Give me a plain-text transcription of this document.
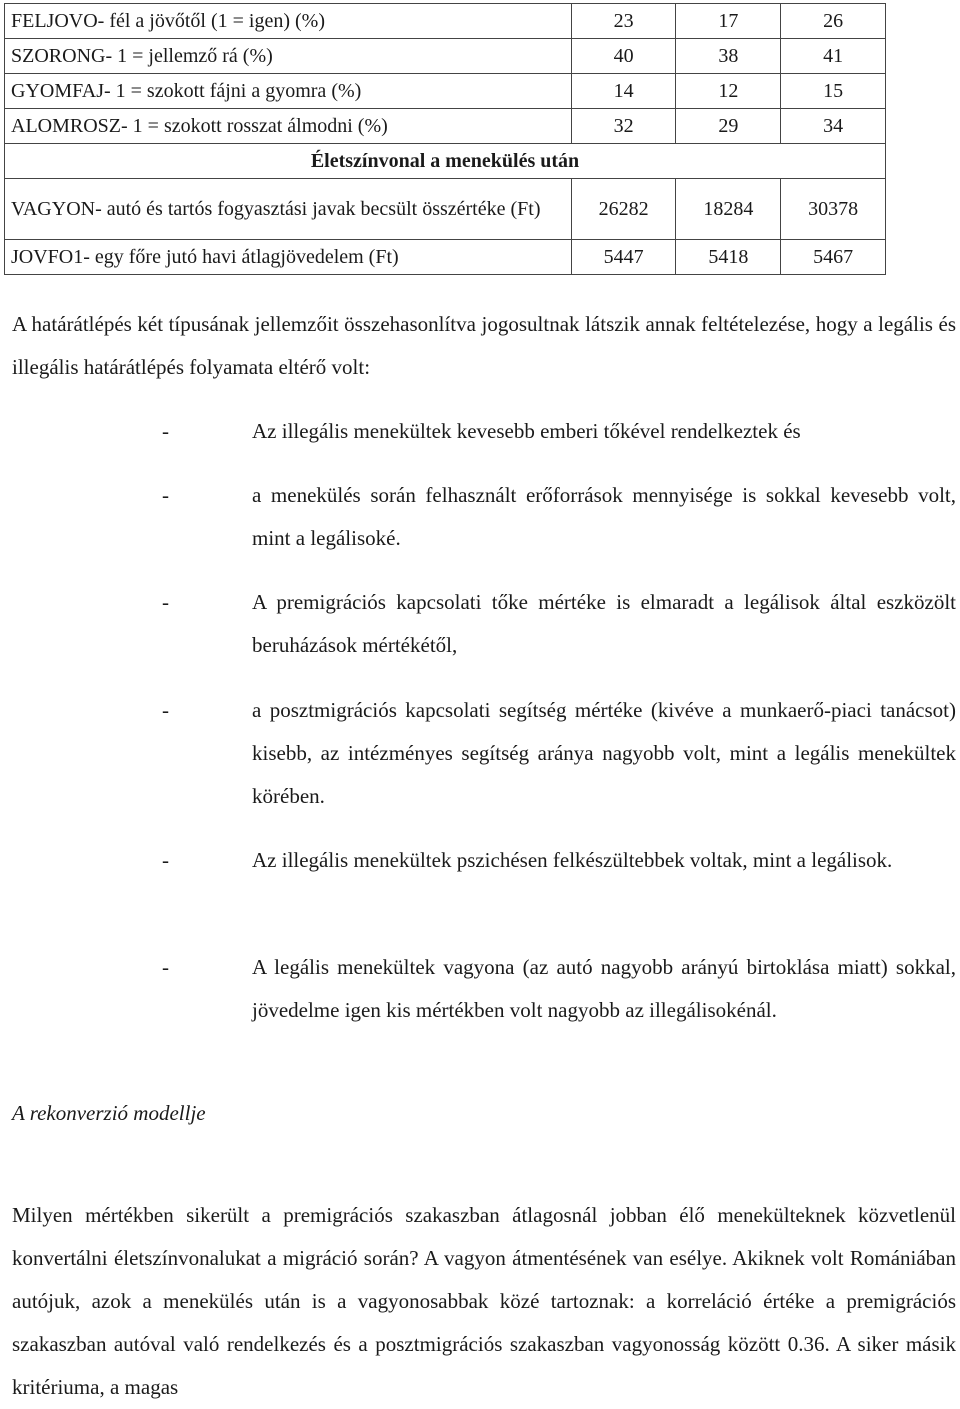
FELJOVO- fél a jövőtől (1 = igen) (%)	23	17	26
SZORONG- 1 = jellemző rá (%)	40	38	41
GYOMFAJ- 1 = szokott fájni a gyomra (%)	14	12	15
ALOMROSZ- 1 = szokott rosszat álmodni (%)	32	29	34
Életszínvonal a menekülés után			
VAGYON- autó és tartós fogyasztási javak becsült összértéke (Ft)	26282	18284	30378
JOVFO1- egy főre jutó havi átlagjövedelem (Ft)	5447	5418	5467

A határátlépés két típusának jellemzőit összehasonlítva jogosultnak látszik annak feltételezése, hogy a legális és illegális határátlépés folyamata eltérő volt:

-	Az illegális menekültek kevesebb emberi tőkével rendelkeztek és
-	a menekülés során felhasznált erőforrások mennyisége is sokkal kevesebb volt, mint a legálisoké.
-	A premigrációs kapcsolati tőke mértéke is elmaradt a legálisok által eszközölt beruházások mértékétől,
-	a posztmigrációs kapcsolati segítség mértéke (kivéve a munkaerő-piaci tanácsot) kisebb, az intézményes segítség aránya nagyobb volt, mint a legális menekültek körében.
-	Az illegális menekültek pszichésen felkészültebbek voltak, mint a legálisok.
-	A legális menekültek vagyona (az autó nagyobb arányú birtoklása miatt) sokkal, jövedelme igen kis mértékben volt nagyobb az illegálisokénál.

A rekonverzió modellje

Milyen mértékben sikerült a premigrációs szakaszban átlagosnál jobban élő menekülteknek közvetlenül konvertálni életszínvonalukat a migráció során? A vagyon átmentésének van esélye. Akiknek volt Romániában autójuk, azok a menekülés után is a vagyonosabbak közé tartoznak: a korreláció értéke a premigrációs szakaszban autóval való rendelkezés és a posztmigrációs szakaszban vagyonosság között 0.36. A siker másik kritériuma, a magas
